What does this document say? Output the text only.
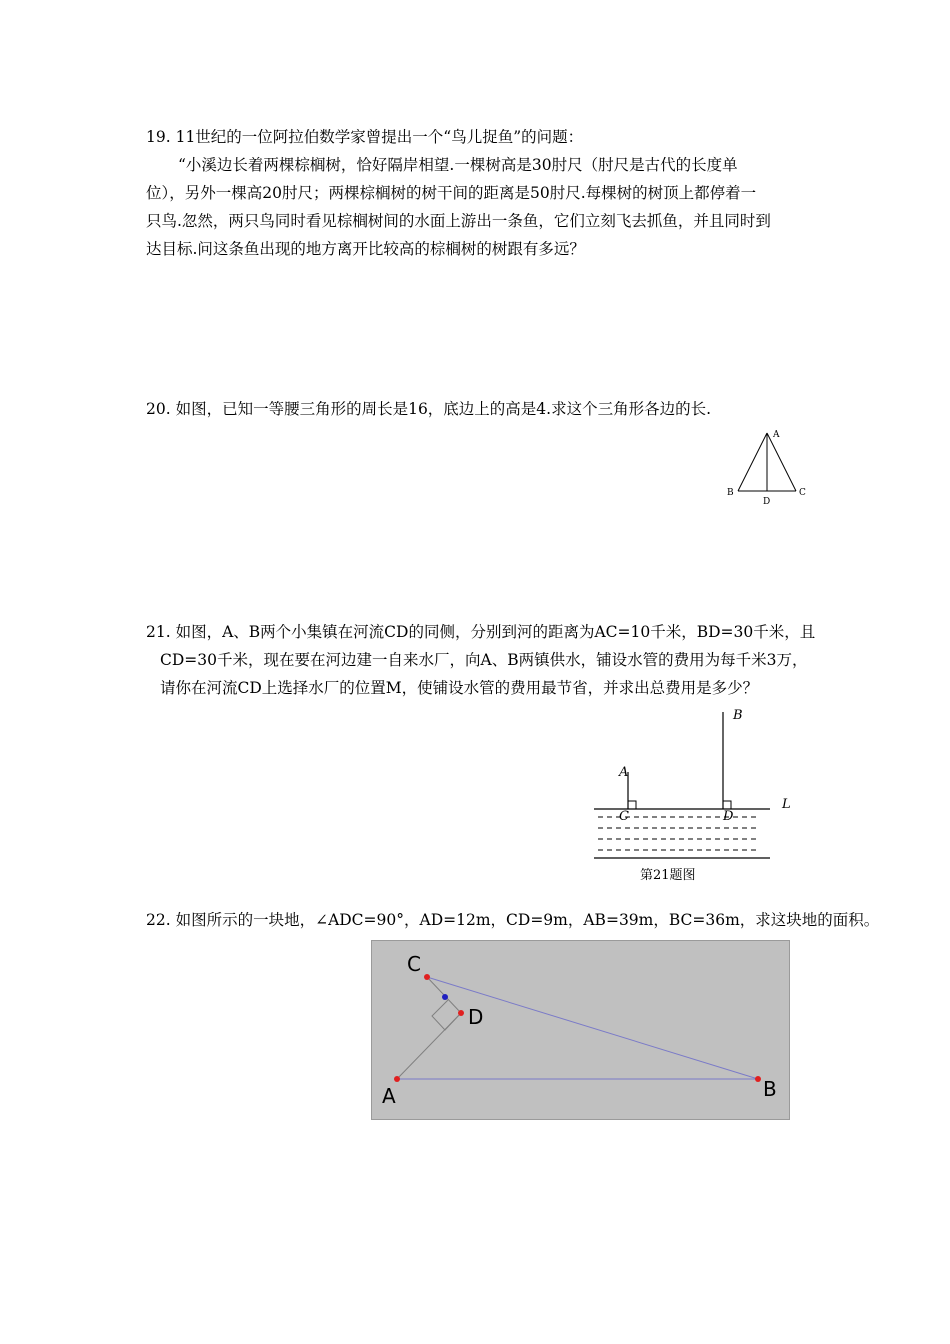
19. 11世纪的一位阿拉伯数学家曾提出一个“鸟儿捉鱼”的问题：
“小溪边长着两棵棕榈树，恰好隔岸相望.一棵树高是30肘尺（肘尺是古代的长度单
位），另外一棵高20肘尺；两棵棕榈树的树干间的距离是50肘尺.每棵树的树顶上都停着一
只鸟.忽然，两只鸟同时看见棕榈树间的水面上游出一条鱼，它们立刻飞去抓鱼，并且同时到
达目标.问这条鱼出现的地方离开比较高的棕榈树的树跟有多远？
20. 如图，已知一等腰三角形的周长是16，底边上的高是4.求这个三角形各边的长.
A
B	C
D
21. 如图，A、B两个小集镇在河流CD的同侧，分别到河的距离为AC=10千米，BD=30千米，且
CD=30千米，现在要在河边建一自来水厂，向A、B两镇供水，铺设水管的费用为每千米3万，
请你在河流CD上选择水厂的位置M，使铺设水管的费用最节省，并求出总费用是多少？
A
B
C	D
L
第21题图
22. 如图所示的一块地，∠ADC=90°，AD=12m，CD=9m，AB=39m，BC=36m，求这块地的面积。
C
D
A	B
